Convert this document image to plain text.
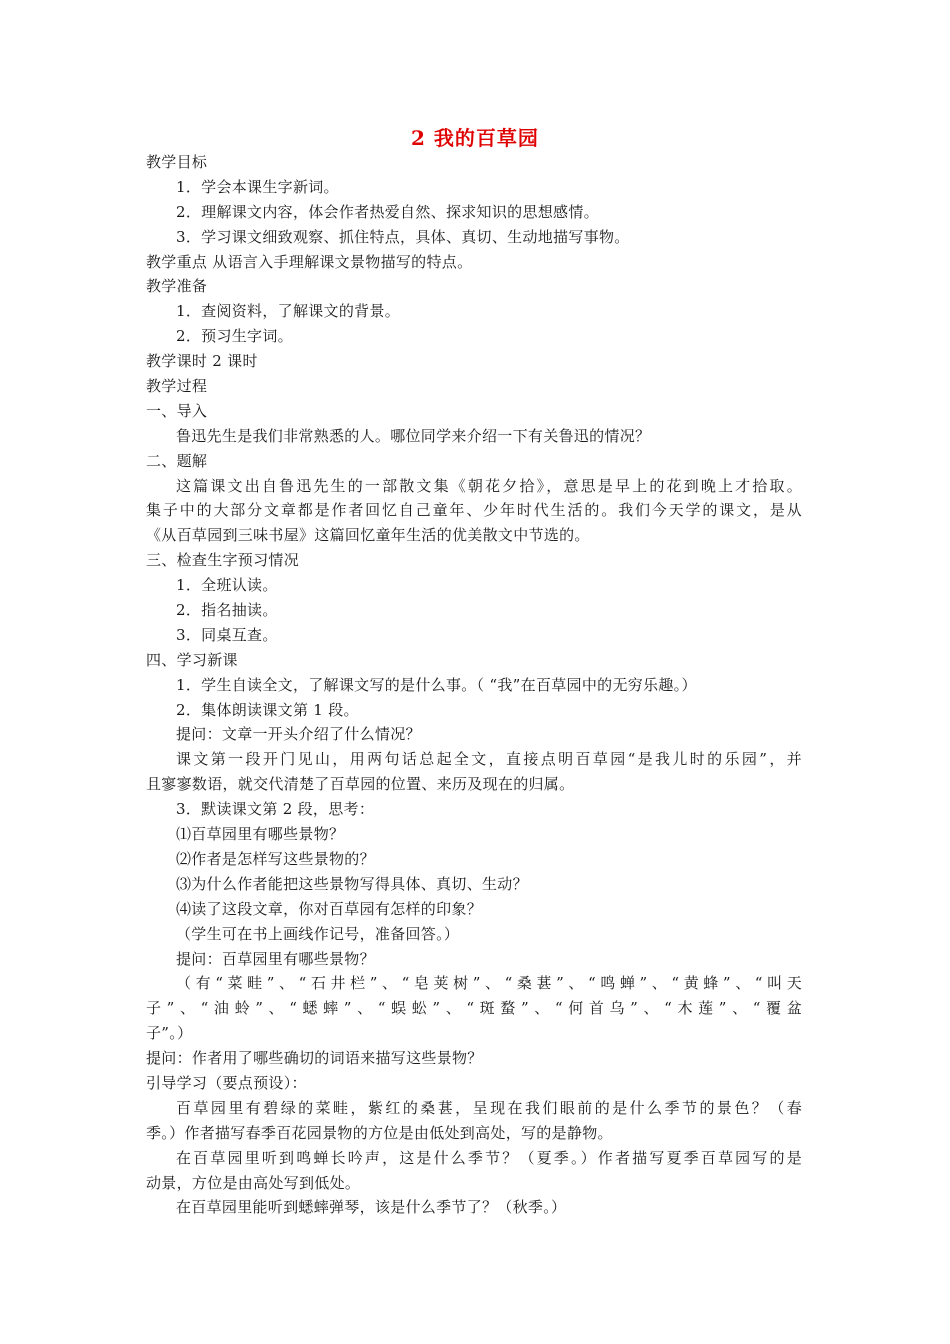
2 我的百草园
教学目标
1．学会本课生字新词。
2．理解课文内容，体会作者热爱自然、探求知识的思想感情。
3．学习课文细致观察、抓住特点，具体、真切、生动地描写事物。
教学重点 从语言入手理解课文景物描写的特点。
教学准备
1．查阅资料，了解课文的背景。
2．预习生字词。
教学课时 2 课时
教学过程
一、导入
鲁迅先生是我们非常熟悉的人。哪位同学来介绍一下有关鲁迅的情况？
二、题解
这篇课文出自鲁迅先生的一部散文集《朝花夕拾》，意思是早上的花到晚上才拾取。
集子中的大部分文章都是作者回忆自己童年、少年时代生活的。我们今天学的课文，是从
《从百草园到三味书屋》这篇回忆童年生活的优美散文中节选的。
三、检查生字预习情况
1．全班认读。
2．指名抽读。
3．同桌互查。
四、学习新课
1．学生自读全文，了解课文写的是什么事。（ “我”在百草园中的无穷乐趣。）
2．集体朗读课文第 1 段。
提问：文章一开头介绍了什么情况？
课文第一段开门见山，用两句话总起全文，直接点明百草园“是我儿时的乐园”，并
且寥寥数语，就交代清楚了百草园的位置、来历及现在的归属。
3．默读课文第 2 段，思考：
⑴百草园里有哪些景物？
⑵作者是怎样写这些景物的？
⑶为什么作者能把这些景物写得具体、真切、生动？
⑷读了这段文章，你对百草园有怎样的印象？
（学生可在书上画线作记号，准备回答。）
提问：百草园里有哪些景物？
（有“菜畦”、“石井栏”、“皂荚树”、“桑葚”、“鸣蝉”、“黄蜂”、“叫天
子”、“油蛉”、“蟋蟀”、“蜈蚣”、“斑蝥”、“何首乌”、“木莲”、“覆盆
子”。）
提问：作者用了哪些确切的词语来描写这些景物？
引导学习（要点预设）：
百草园里有碧绿的菜畦，紫红的桑葚，呈现在我们眼前的是什么季节的景色？（春
季。）作者描写春季百花园景物的方位是由低处到高处，写的是静物。
在百草园里听到鸣蝉长吟声，这是什么季节？（夏季。）作者描写夏季百草园写的是
动景，方位是由高处写到低处。
在百草园里能听到蟋蟀弹琴，该是什么季节了？（秋季。）
